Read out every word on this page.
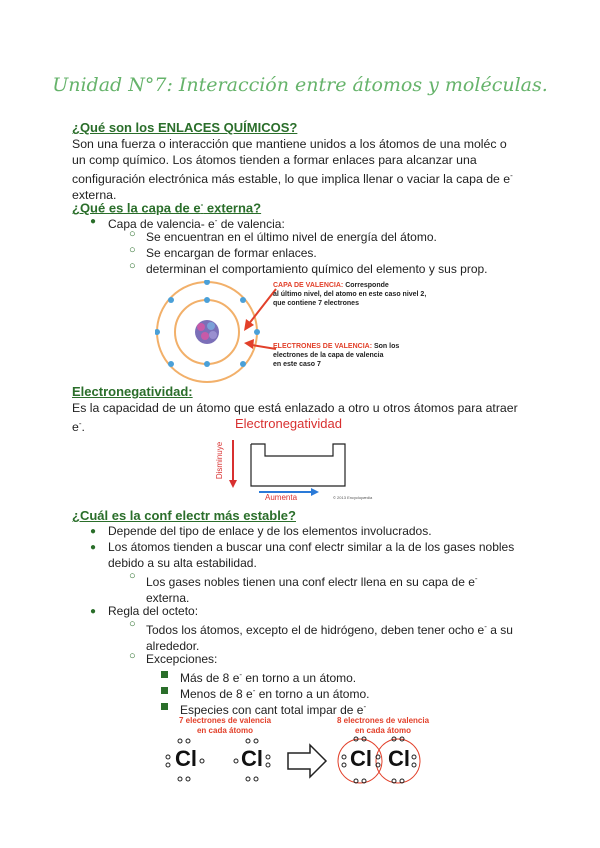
Unidad N°7: Interacción entre átomos y moléculas.
¿Qué son los ENLACES QUÍMICOS?
Son una fuerza o interacción que mantiene unidos a los átomos de una moléc o
un comp químico. Los átomos tienden a formar enlaces para alcanzar una
configuración electrónica más estable, lo que implica llenar o vaciar la capa de e-
externa.
¿Qué es la capa de e- externa?
● Capa de valencia- e- de valencia:
○ Se encuentran en el último nivel de energía del átomo.
○ Se encargan de formar enlaces.
○ determinan el comportamiento químico del elemento y sus prop.
CAPA DE VALENCIA: Corresponde
al último nivel, del atomo en este caso nivel 2,
que contiene 7 electrones
ELECTRONES DE VALENCIA: Son los
electrones de la capa de valencia
en este caso 7
Electronegatividad:
Es la capacidad de un átomo que está enlazado a otro u otros átomos para atraer
e-.	Electronegatividad
Disminuye
Aumenta	© 2013 Encyclopædia
¿Cuál es la conf electr más estable?
● Depende del tipo de enlace y de los elementos involucrados.
● Los átomos tienden a buscar una conf electr similar a la de los gases nobles
debido a su alta estabilidad.
○ Los gases nobles tienen una conf electr llena en su capa de e-
externa.
● Regla del octeto:
○ Todos los átomos, excepto el de hidrógeno, deben tener ocho e- a su
alrededor.
○ Excepciones:
Más de 8 e- en torno a un átomo.
Menos de 8 e- en torno a un átomo.
Especies con cant total impar de e-
7 electrones de valencia
en cada átomo
8 electrones de valencia
en cada átomo
Cl Cl	Cl Cl
